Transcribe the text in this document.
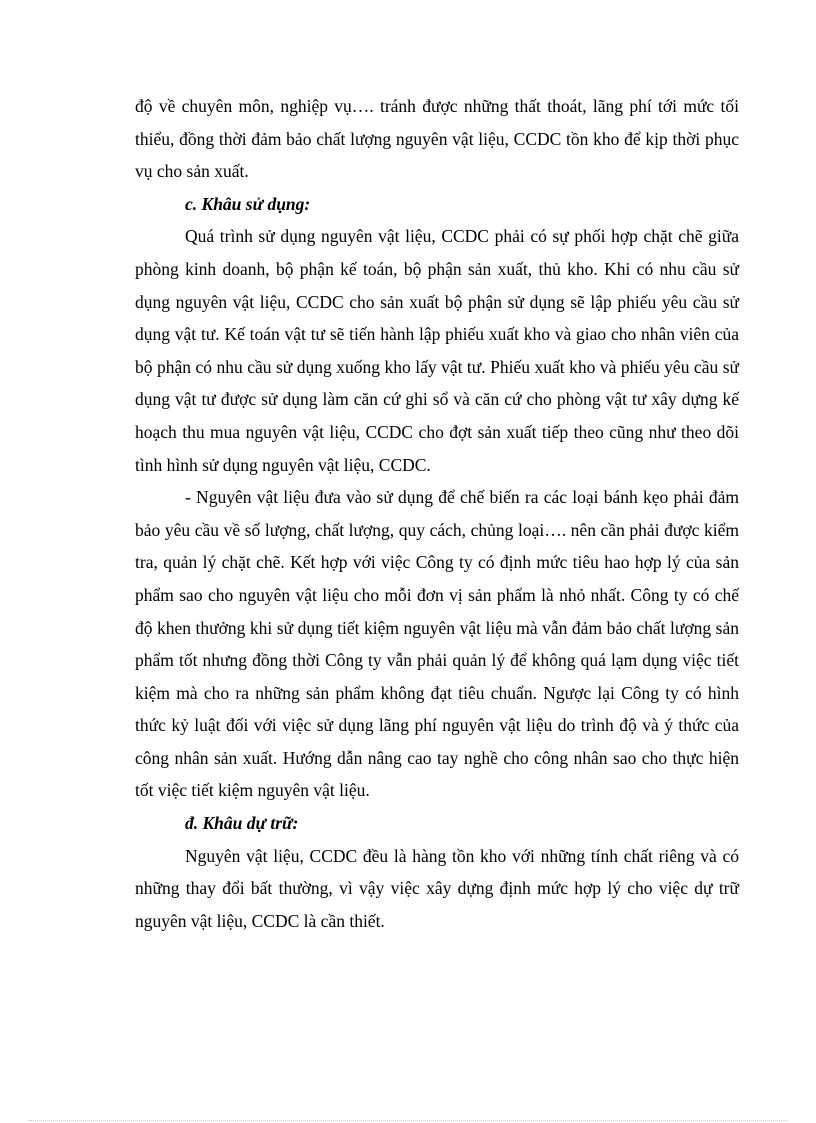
độ về chuyên môn, nghiệp vụ…. tránh được những thất thoát, lãng phí tới mức tối thiểu, đồng thời đảm bảo chất lượng nguyên vật liệu, CCDC tồn kho để kịp thời phục vụ cho sản xuất.

c. Khâu sử dụng:

Quá trình sử dụng nguyên vật liệu, CCDC phải có sự phối hợp chặt chẽ giữa phòng kinh doanh, bộ phận kế toán, bộ phận sản xuất, thủ kho. Khi có nhu cầu sử dụng nguyên vật liệu, CCDC cho sản xuất bộ phận sử dụng sẽ lập phiếu yêu cầu sử dụng vật tư. Kế toán vật tư sẽ tiến hành lập phiếu xuất kho và giao cho nhân viên của bộ phận có nhu cầu sử dụng xuống kho lấy vật tư. Phiếu xuất kho và phiếu yêu cầu sử dụng vật tư được sử dụng làm căn cứ ghi sổ và căn cứ cho phòng vật tư xây dựng kế hoạch thu mua nguyên vật liệu, CCDC cho đợt sản xuất tiếp theo cũng như theo dõi tình hình sử dụng nguyên vật liệu, CCDC.

- Nguyên vật liệu đưa vào sử dụng để chế biến ra các loại bánh kẹo phải đảm bảo yêu cầu về số lượng, chất lượng, quy cách, chủng loại…. nên cần phải được kiểm tra, quản lý chặt chẽ. Kết hợp với việc Công ty có định mức tiêu hao hợp lý của sản phẩm sao cho nguyên vật liệu cho mỗi đơn vị sản phẩm là nhỏ nhất. Công ty có chế độ khen thưởng khi sử dụng tiết kiệm nguyên vật liệu mà vẫn đảm bảo chất lượng sản phẩm tốt nhưng đồng thời Công ty vẫn phải quản lý để không quá lạm dụng việc tiết kiệm mà cho ra những sản phẩm không đạt tiêu chuẩn. Ngược lại Công ty có hình thức kỷ luật đối với việc sử dụng lãng phí nguyên vật liệu do trình độ và ý thức của công nhân sản xuất. Hướng dẫn nâng cao tay nghề cho công nhân sao cho thực hiện tốt việc tiết kiệm nguyên vật liệu.

đ. Khâu dự trữ:

Nguyên vật liệu, CCDC đều là hàng tồn kho với những tính chất riêng và có những thay đổi bất thường, vì vậy việc xây dựng định mức hợp lý cho việc dự trữ nguyên vật liệu, CCDC là cần thiết.
